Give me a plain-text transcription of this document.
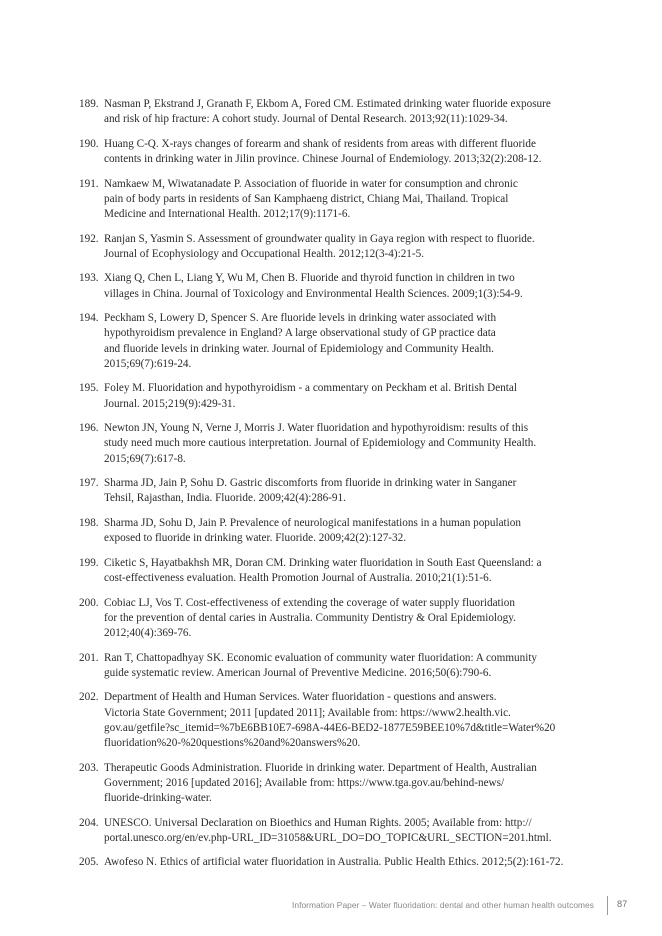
189. Nasman P, Ekstrand J, Granath F, Ekbom A, Fored CM. Estimated drinking water fluoride exposure
and risk of hip fracture: A cohort study. Journal of Dental Research. 2013;92(11):1029-34.
190. Huang C-Q. X-rays changes of forearm and shank of residents from areas with different fluoride
contents in drinking water in Jilin province. Chinese Journal of Endemiology. 2013;32(2):208-12.
191. Namkaew M, Wiwatanadate P. Association of fluoride in water for consumption and chronic
pain of body parts in residents of San Kamphaeng district, Chiang Mai, Thailand. Tropical
Medicine and International Health. 2012;17(9):1171-6.
192. Ranjan S, Yasmin S. Assessment of groundwater quality in Gaya region with respect to fluoride.
Journal of Ecophysiology and Occupational Health. 2012;12(3-4):21-5.
193. Xiang Q, Chen L, Liang Y, Wu M, Chen B. Fluoride and thyroid function in children in two
villages in China. Journal of Toxicology and Environmental Health Sciences. 2009;1(3):54-9.
194. Peckham S, Lowery D, Spencer S. Are fluoride levels in drinking water associated with
hypothyroidism prevalence in England? A large observational study of GP practice data
and fluoride levels in drinking water. Journal of Epidemiology and Community Health.
2015;69(7):619-24.
195. Foley M. Fluoridation and hypothyroidism - a commentary on Peckham et al. British Dental
Journal. 2015;219(9):429-31.
196. Newton JN, Young N, Verne J, Morris J. Water fluoridation and hypothyroidism: results of this
study need much more cautious interpretation. Journal of Epidemiology and Community Health.
2015;69(7):617-8.
197. Sharma JD, Jain P, Sohu D. Gastric discomforts from fluoride in drinking water in Sanganer
Tehsil, Rajasthan, India. Fluoride. 2009;42(4):286-91.
198. Sharma JD, Sohu D, Jain P. Prevalence of neurological manifestations in a human population
exposed to fluoride in drinking water. Fluoride. 2009;42(2):127-32.
199. Ciketic S, Hayatbakhsh MR, Doran CM. Drinking water fluoridation in South East Queensland: a
cost-effectiveness evaluation. Health Promotion Journal of Australia. 2010;21(1):51-6.
200. Cobiac LJ, Vos T. Cost-effectiveness of extending the coverage of water supply fluoridation
for the prevention of dental caries in Australia. Community Dentistry & Oral Epidemiology.
2012;40(4):369-76.
201. Ran T, Chattopadhyay SK. Economic evaluation of community water fluoridation: A community
guide systematic review. American Journal of Preventive Medicine. 2016;50(6):790-6.
202. Department of Health and Human Services. Water fluoridation - questions and answers.
Victoria State Government; 2011 [updated 2011]; Available from: https://www2.health.vic.
gov.au/getfile?sc_itemid=%7bE6BB10E7-698A-44E6-BED2-1877E59BEE10%7d&title=Water%20
fluoridation%20-%20questions%20and%20answers%20.
203. Therapeutic Goods Administration. Fluoride in drinking water. Department of Health, Australian
Government; 2016 [updated 2016]; Available from: https://www.tga.gov.au/behind-news/
fluoride-drinking-water.
204. UNESCO. Universal Declaration on Bioethics and Human Rights. 2005; Available from: http://
portal.unesco.org/en/ev.php-URL_ID=31058&URL_DO=DO_TOPIC&URL_SECTION=201.html.
205. Awofeso N. Ethics of artificial water fluoridation in Australia. Public Health Ethics. 2012;5(2):161-72.
Information Paper – Water fluoridation: dental and other human health outcomes	87
